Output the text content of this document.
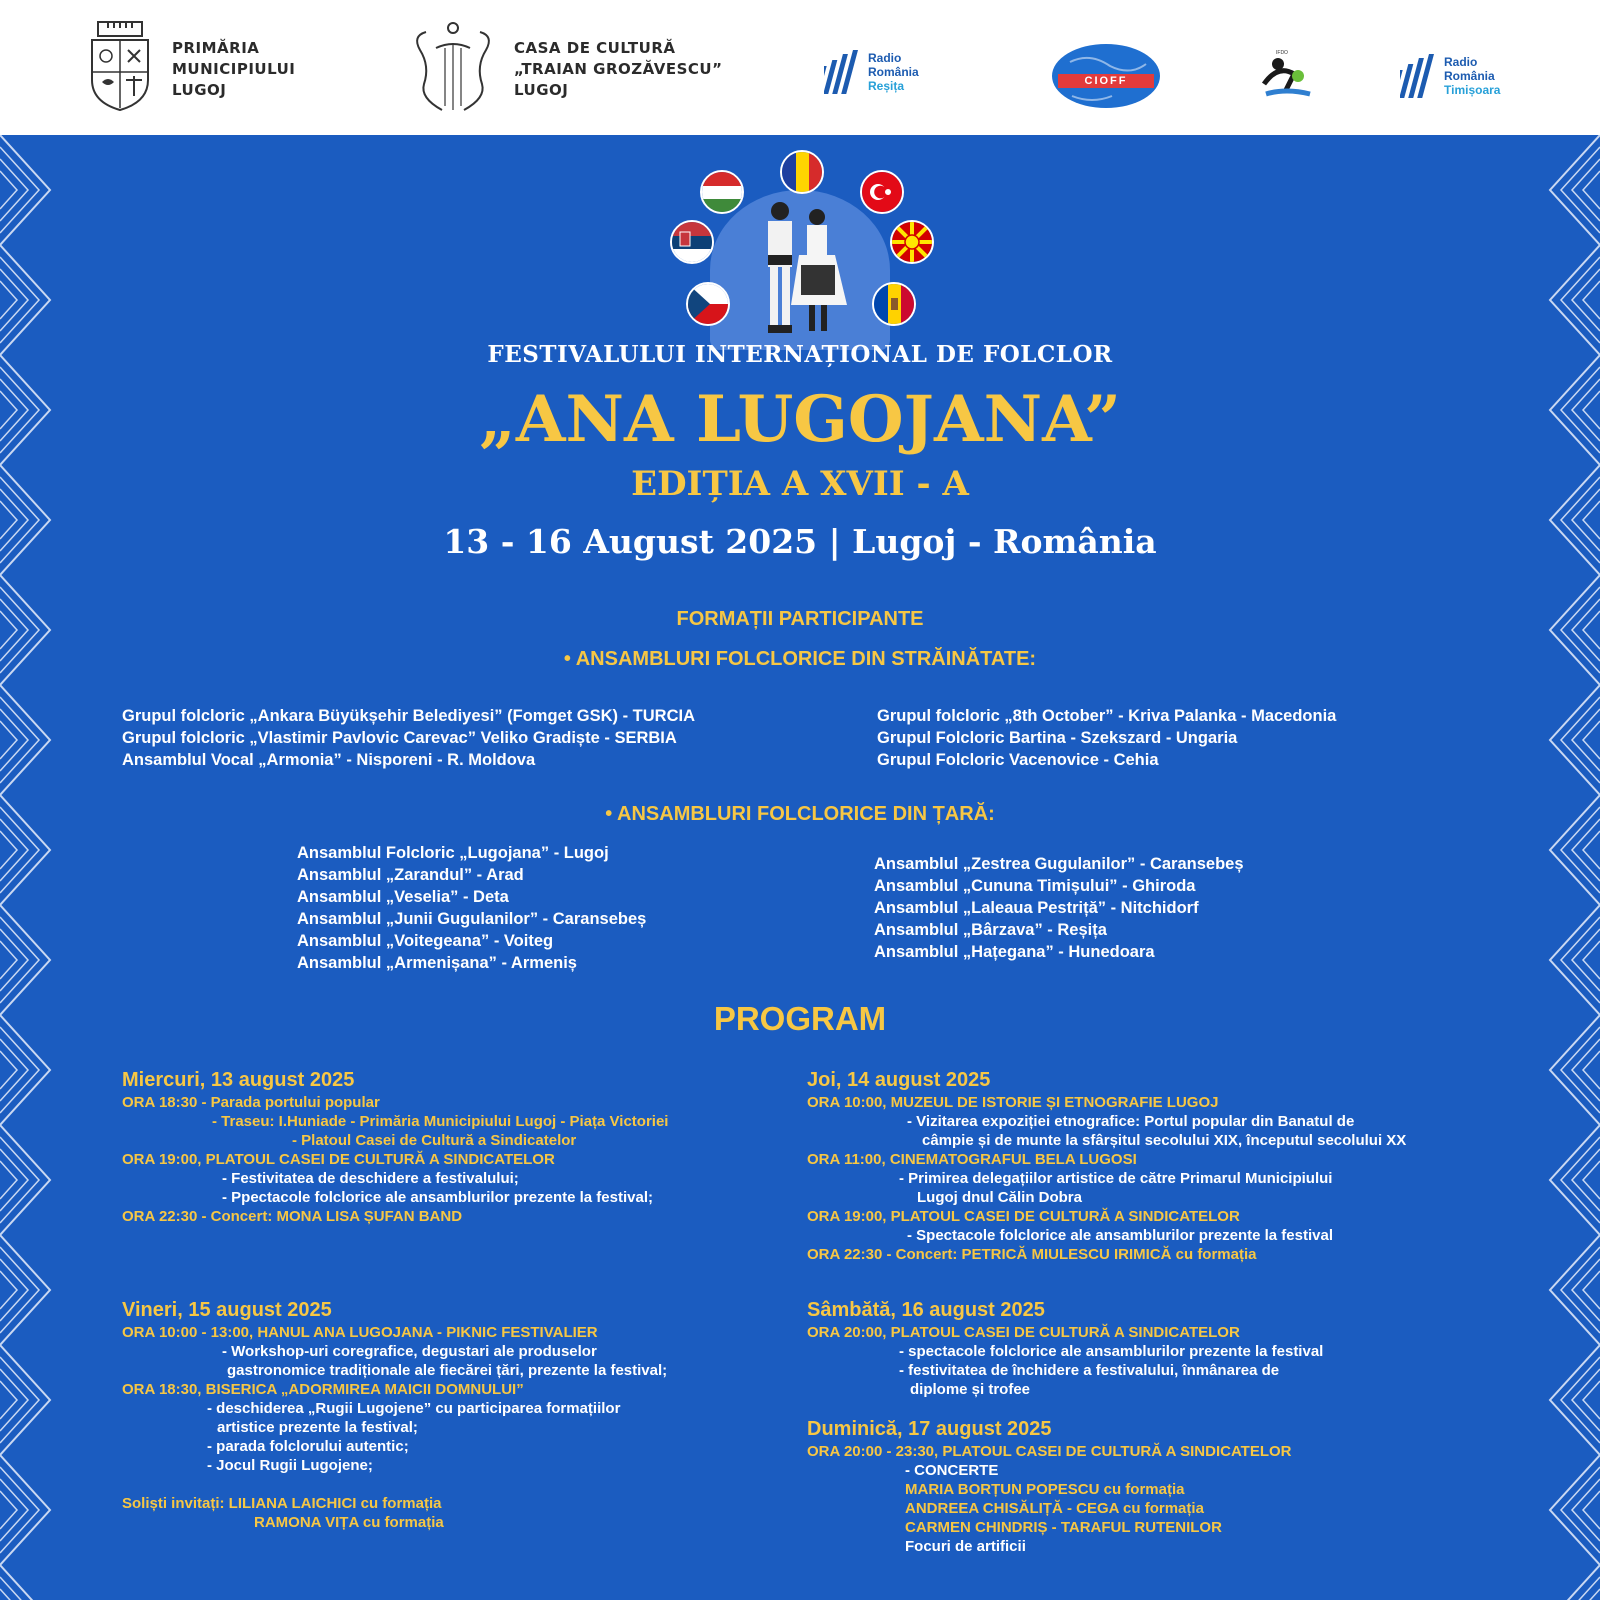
PRIMĂRIA
MUNICIPIULUI
LUGOJ
CASA DE CULTURĂ
„TRAIAN GROZĂVESCU”
LUGOJ
Radio
România
Reșița	CIOFF
IFDO
Radio
România
Timișoara
FESTIVALULUI INTERNAȚIONAL DE FOLCLOR
„ANA LUGOJANA”
EDIȚIA A XVII - A
13 - 16 August 2025 | Lugoj - România
FORMAȚII PARTICIPANTE
• ANSAMBLURI FOLCLORICE DIN STRĂINĂTATE:
Grupul folcloric „Ankara Büyükșehir Belediyesi” (Fomget GSK) - TURCIA
Grupul folcloric „Vlastimir Pavlovic Carevac” Veliko Gradiște - SERBIA
Ansamblul Vocal „Armonia” - Nisporeni - R. Moldova
Grupul folcloric „8th October” - Kriva Palanka - Macedonia
Grupul Folcloric Bartina - Szekszard - Ungaria
Grupul Folcloric Vacenovice - Cehia
• ANSAMBLURI FOLCLORICE DIN ȚARĂ:
Ansamblul Folcloric „Lugojana” - Lugoj
Ansamblul „Zarandul” - Arad
Ansamblul „Veselia” - Deta
Ansamblul „Junii Gugulanilor” - Caransebeș
Ansamblul „Voitegeana” - Voiteg
Ansamblul „Armenișana” - Armeniș
Ansamblul „Zestrea Gugulanilor” - Caransebeș
Ansamblul „Cununa Timișului” - Ghiroda
Ansamblul „Laleaua Pestriță” - Nitchidorf
Ansamblul „Bârzava” - Reșița
Ansamblul „Hațegana” - Hunedoara
PROGRAM
Miercuri, 13 august 2025
ORA 18:30 - Parada portului popular
- Traseu: I.Huniade - Primăria Municipiului Lugoj - Piața Victoriei
- Platoul Casei de Cultură a Sindicatelor
ORA 19:00, PLATOUL CASEI DE CULTURĂ A SINDICATELOR
- Festivitatea de deschidere a festivalului;
- Ppectacole folclorice ale ansamblurilor prezente la festival;
ORA 22:30 - Concert: MONA LISA ȘUFAN BAND
Joi, 14 august 2025
ORA 10:00, MUZEUL DE ISTORIE ȘI ETNOGRAFIE LUGOJ
- Vizitarea expoziției etnografice: Portul popular din Banatul de
câmpie și de munte la sfârșitul secolului XIX, începutul secolului XX
ORA 11:00, CINEMATOGRAFUL BELA LUGOSI
- Primirea delegațiilor artistice de către Primarul Municipiului
Lugoj dnul Călin Dobra
ORA 19:00, PLATOUL CASEI DE CULTURĂ A SINDICATELOR
- Spectacole folclorice ale ansamblurilor prezente la festival
ORA 22:30 - Concert: PETRICĂ MIULESCU IRIMICĂ cu formația
Vineri, 15 august 2025
ORA 10:00 - 13:00, HANUL ANA LUGOJANA - PIKNIC FESTIVALIER
- Workshop-uri coregrafice, degustari ale produselor
gastronomice tradiționale ale fiecărei țări, prezente la festival;
ORA 18:30, BISERICA „ADORMIREA MAICII DOMNULUI”
- deschiderea „Rugii Lugojene” cu participarea formațiilor
artistice prezente la festival;
- parada folclorului autentic;
- Jocul Rugii Lugojene;
Soliști invitați: LILIANA LAICHICI cu formația
RAMONA VIȚA cu formația
Sâmbătă, 16 august 2025
ORA 20:00, PLATOUL CASEI DE CULTURĂ A SINDICATELOR
- spectacole folclorice ale ansamblurilor prezente la festival
- festivitatea de închidere a festivalului, înmânarea de
diplome și trofee
Duminică, 17 august 2025
ORA 20:00 - 23:30, PLATOUL CASEI DE CULTURĂ A SINDICATELOR
- CONCERTE
MARIA BORȚUN POPESCU cu formația
ANDREEA CHISĂLIȚĂ - CEGA cu formația
CARMEN CHINDRIȘ - TARAFUL RUTENILOR
Focuri de artificii
